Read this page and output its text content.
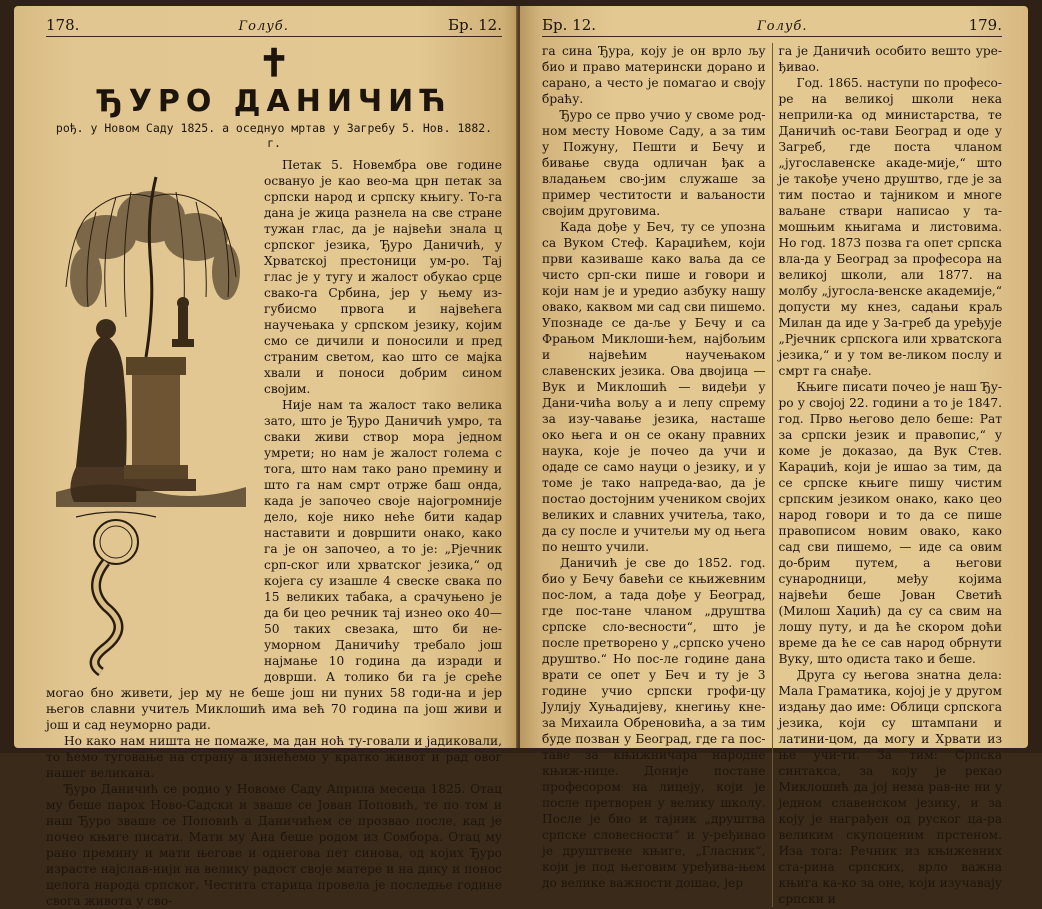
178.	Голуб.	Бр. 12.
✝
ЂУРО ДАНИЧИЋ
рођ. у Новом Саду 1825. а оседнуо мртав у Загребу 5. Нов. 1882. г.

Петак 5. Новембра ове године осванyо је као вео-ма црн петак за српски народ и српску књигу. То-га дана је жица разнела на све стране тужан глас, да је највећи знала ц српског језика, Ђуро Даничић, у Хрватској престоници ум-ро. Тај глас је у тугу и жалост обукао срце свако-га Србина, јер у њему из-губисмо првога и највећега научењака у српском језику, којим смо се дичили и поносили и пред страним светом, као што се мајка хвали и поноси добрим сином својим.

Није нам та жалост тако велика зато, што је Ђуро Даничић умро, та сваки живи створ мора једном умрети; но нам је жалост голема с тога, што нам тако рано премину и што га нам смрт отрже баш онда, када је започео своје најогромније дело, које нико неће бити кадар наставити и довршити онако, како га је он започео, а то је: „Рјечник срп-ског или хрватског језика,“ од којега су изашле 4 свеске свака по 15 великих табака, а срачуњено је да би цео речник тај изнео око 40—50 таких свезака, што би не-уморном Даничићу требало још најмање 10 година да изради и доврши. А толико би га је среће могао бно живети, јер му не беше још ни пуних 58 годи-на и јер његов славни учитељ Миклошић има већ 70 година па још живи и још и сад неуморно ради.

Но како нам ништа не помаже, ма дан ноћ ту-говали и јадиковали, то ћемо туговање на страну а изнећемо у кратко живот и рад овог нашег великана.

Ђуро Даничић се родио у Новоме Саду Априла месеца 1825. Отац му беше парох Ново-Садски и зваше се Јован Поповић, те по том и наш Ђуро зваше се Поповић а Даничићем се прозвао после, кад је почео књиге писати. Мати му Ана беше родом из Сомбора. Отац му рано премину и мати његове и однегова пет синова, од којих Ђуро израсте најслав-нији на велику радост своје матере и на дику и понос целога народа српског. Честита старица провела је последње године свога живота у сво-

Бр. 12.	Голуб.	179.

га сина Ђура, коју је он врло љу био и право матерински дорано и сарано, а често је помагао и своју браћу.

Ђуро се прво учио у своме род-ном месту Новоме Саду, а за тим у Пожуну, Пешти и Бечу и бивање свуда одличан ђак а владањем сво-јим служаше за пример честитости и ваљаности својим друговима.

Када дође у Беч, ту се упозна са Вуком Стеф. Караџићем, који први казиваше како ваља да се чисто срп-ски пише и говори и који нам је и уредио азбуку нашу овако, каквом ми сад сви пишемо. Упознаде се да-ље у Бечу и са Фрањом Миклоши-ћем, најбољим и највећим научењаком славенских језика. Ова двојица — Вук и Миклошић — видеђи у Дани-чића вољу а и лепу спрему за изу-чавање језика, насташе око њега и он се окану правних наука, које је почео да учи и одаде се само науци о језику, и у томе је тако напреда-вао, да је постао достојним учеником својих великих и славних учитеља, тако, да су после и учитељи му од њега по нешто учили.

Даничић је све до 1852. год. био у Бечу бавећи се књижевним пос-лом, а тада дође у Београд, где пос-тане чланом „друштва српске сло-весности“, што је после претворено у „српско учено друштво.“ Но пос-ле године дана врати се опет у Беч и ту је 3 године учио српски грофи-цу Јулију Хуњадијеву, кнегињу кне-за Михаила Обреновића, а за тим буде позван у Београд, где га пос-таве за књижничара народне књиж-нице. Доније постане професором на лицеју, који је после претворен у велику школу. После је био и тајник „друштва српске словесности“ и у-ређивао је друштвене књиге, „Гласник“, који је под његовим уређива-њем до велике важности дошао, јер

га је Даничић особито вешто уре-ђивао.

Год. 1865. наступи по професо-ре на великој школи нека неприли-ка од министарства, те Даничић ос-тави Београд и оде у Загреб, где поста чланом „југославенске акаде-мије,“ што је такође учено друштво, где је за тим постао и тајником и многе ваљане ствари написао у та-мошњим књигама и листовима. Но год. 1873 позва га опет српска вла-да у Београд за професора на великој школи, али 1877. на молбу „југосла-венске академије,“ допусти му кнез, садањи краљ Милан да иде у За-греб да уређује „Рјечник српскога или хрватскога језика,“ и у том ве-ликом послу и смрт га снађе.

Књиге писати почео је наш Ђу-ро у својој 22. години а то је 1847. год. Прво његово дело беше: Рат за српски језик и правопис,“ у коме је доказао, да Вук Стев. Караџић, који је ишао за тим, да се српске књиге пишу чистим српским језиком онако, како цео народ говори и то да се пише правописом новим овако, како сад сви пишемо, — иде са овим до-брим путем, а његови сународници, међу којима највећи беше Јован Светић (Милош Хаџић) да су са свим на лошу путу, и да ће скором доћи време да ће се сав народ обрнути Вуку, што одиста тако и беше.

Друга су његова знатна дела: Мала Граматика, којој је у другом издању дао име: Облици српскога језика, који су штампани и латини-цом, да могу и Хрвати из ње учи-ти. За тим: Српска синтакса, за коју је рекао Миклошић да јој нема рав-не ни у једном славенском језику, и за коју је награђен од руског ца-ра великим скупоценим прстеном. Иза тога: Речник из књижевних ста-рина српских, врло важна књига ка-ко за оне, који изучавају српски и
